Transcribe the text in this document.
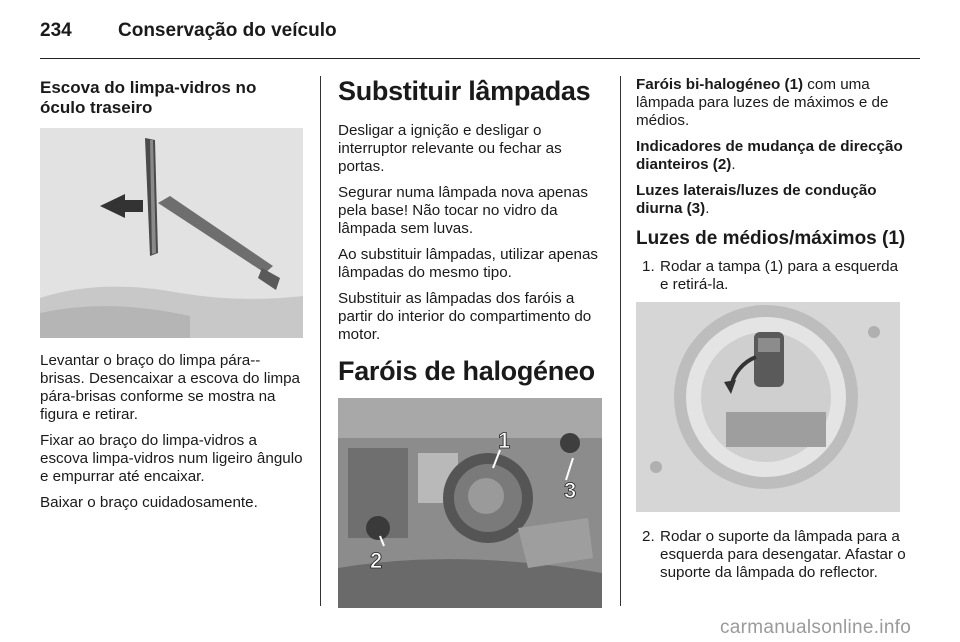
234 Conservação do veículo
Escova do limpa-vidros no óculo traseiro

Levantar o braço do limpa pára--brisas. Desencaixar a escova do limpa pára-brisas conforme se mostra na figura e retirar.

Fixar ao braço do limpa-vidros a escova limpa-vidros num ligeiro ângulo e empurrar até encaixar.

Baixar o braço cuidadosamente.

Substituir lâmpadas

Desligar a ignição e desligar o interruptor relevante ou fechar as portas.

Segurar numa lâmpada nova apenas pela base! Não tocar no vidro da lâmpada sem luvas.

Ao substituir lâmpadas, utilizar apenas lâmpadas do mesmo tipo.

Substituir as lâmpadas dos faróis a partir do interior do compartimento do motor.

Faróis de halogéneo
1
2
3

Faróis bi-halogéneo (1) com uma lâmpada para luzes de máximos e de médios.

Indicadores de mudança de direcção dianteiros (2).

Luzes laterais/luzes de condução diurna (3).

Luzes de médios/máximos (1)
1. Rodar a tampa (1) para a esquerda e retirá-la.
2. Rodar o suporte da lâmpada para a esquerda para desengatar. Afastar o suporte da lâmpada do reflector.
carmanualsonline.info
